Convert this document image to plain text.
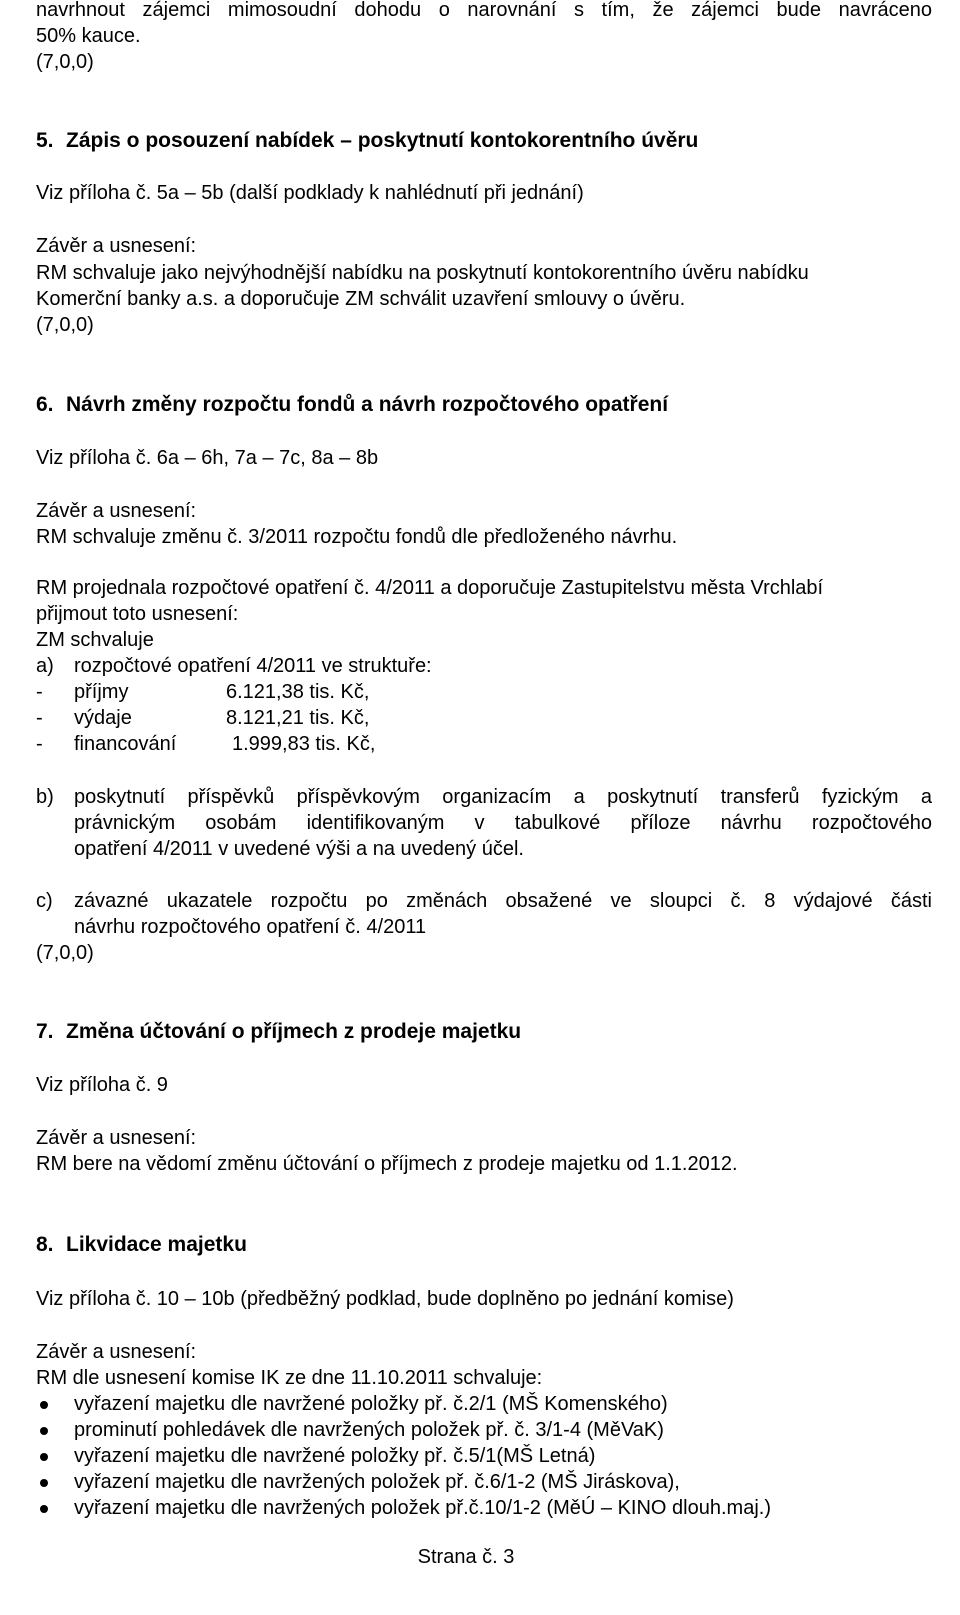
navrhnout zájemci mimosoudní dohodu o narovnání s tím, že zájemci bude navráceno
50% kauce.
(7,0,0)
5. Zápis o posouzení nabídek – poskytnutí kontokorentního úvěru
Viz příloha č. 5a – 5b (další podklady k nahlédnutí při jednání)
Závěr a usnesení:
RM schvaluje jako nejvýhodnější nabídku na poskytnutí kontokorentního úvěru nabídku
Komerční banky a.s. a doporučuje ZM schválit uzavření smlouvy o úvěru.
(7,0,0)
6. Návrh změny rozpočtu fondů a návrh rozpočtového opatření
Viz příloha č. 6a – 6h, 7a – 7c, 8a – 8b
Závěr a usnesení:
RM schvaluje změnu č. 3/2011 rozpočtu fondů dle předloženého návrhu.
RM projednala rozpočtové opatření č. 4/2011 a doporučuje Zastupitelstvu města Vrchlabí
přijmout toto usnesení:
ZM schvaluje
a) rozpočtové opatření 4/2011 ve struktuře:
- příjmy	6.121,38 tis. Kč,
- výdaje	8.121,21 tis. Kč,
- financování	1.999,83 tis. Kč,
b) poskytnutí příspěvků příspěvkovým organizacím a poskytnutí transferů fyzickým a
právnickým osobám identifikovaným v tabulkové příloze návrhu rozpočtového
opatření 4/2011 v uvedené výši a na uvedený účel.
c) závazné ukazatele rozpočtu po změnách obsažené ve sloupci č. 8 výdajové části
návrhu rozpočtového opatření č. 4/2011
(7,0,0)
7. Změna účtování o příjmech z prodeje majetku
Viz příloha č. 9
Závěr a usnesení:
RM bere na vědomí změnu účtování o příjmech z prodeje majetku od 1.1.2012.
8. Likvidace majetku
Viz příloha č. 10 – 10b (předběžný podklad, bude doplněno po jednání komise)
Závěr a usnesení:
RM dle usnesení komise IK ze dne 11.10.2011 schvaluje:
vyřazení majetku dle navržené položky př. č.2/1 (MŠ Komenského)
prominutí pohledávek dle navržených položek př. č. 3/1-4 (MěVaK)
vyřazení majetku dle navržené položky př. č.5/1(MŠ Letná)
vyřazení majetku dle navržených položek př. č.6/1-2 (MŠ Jiráskova),
vyřazení majetku dle navržených položek př.č.10/1-2 (MěÚ – KINO dlouh.maj.)
Strana č. 3
